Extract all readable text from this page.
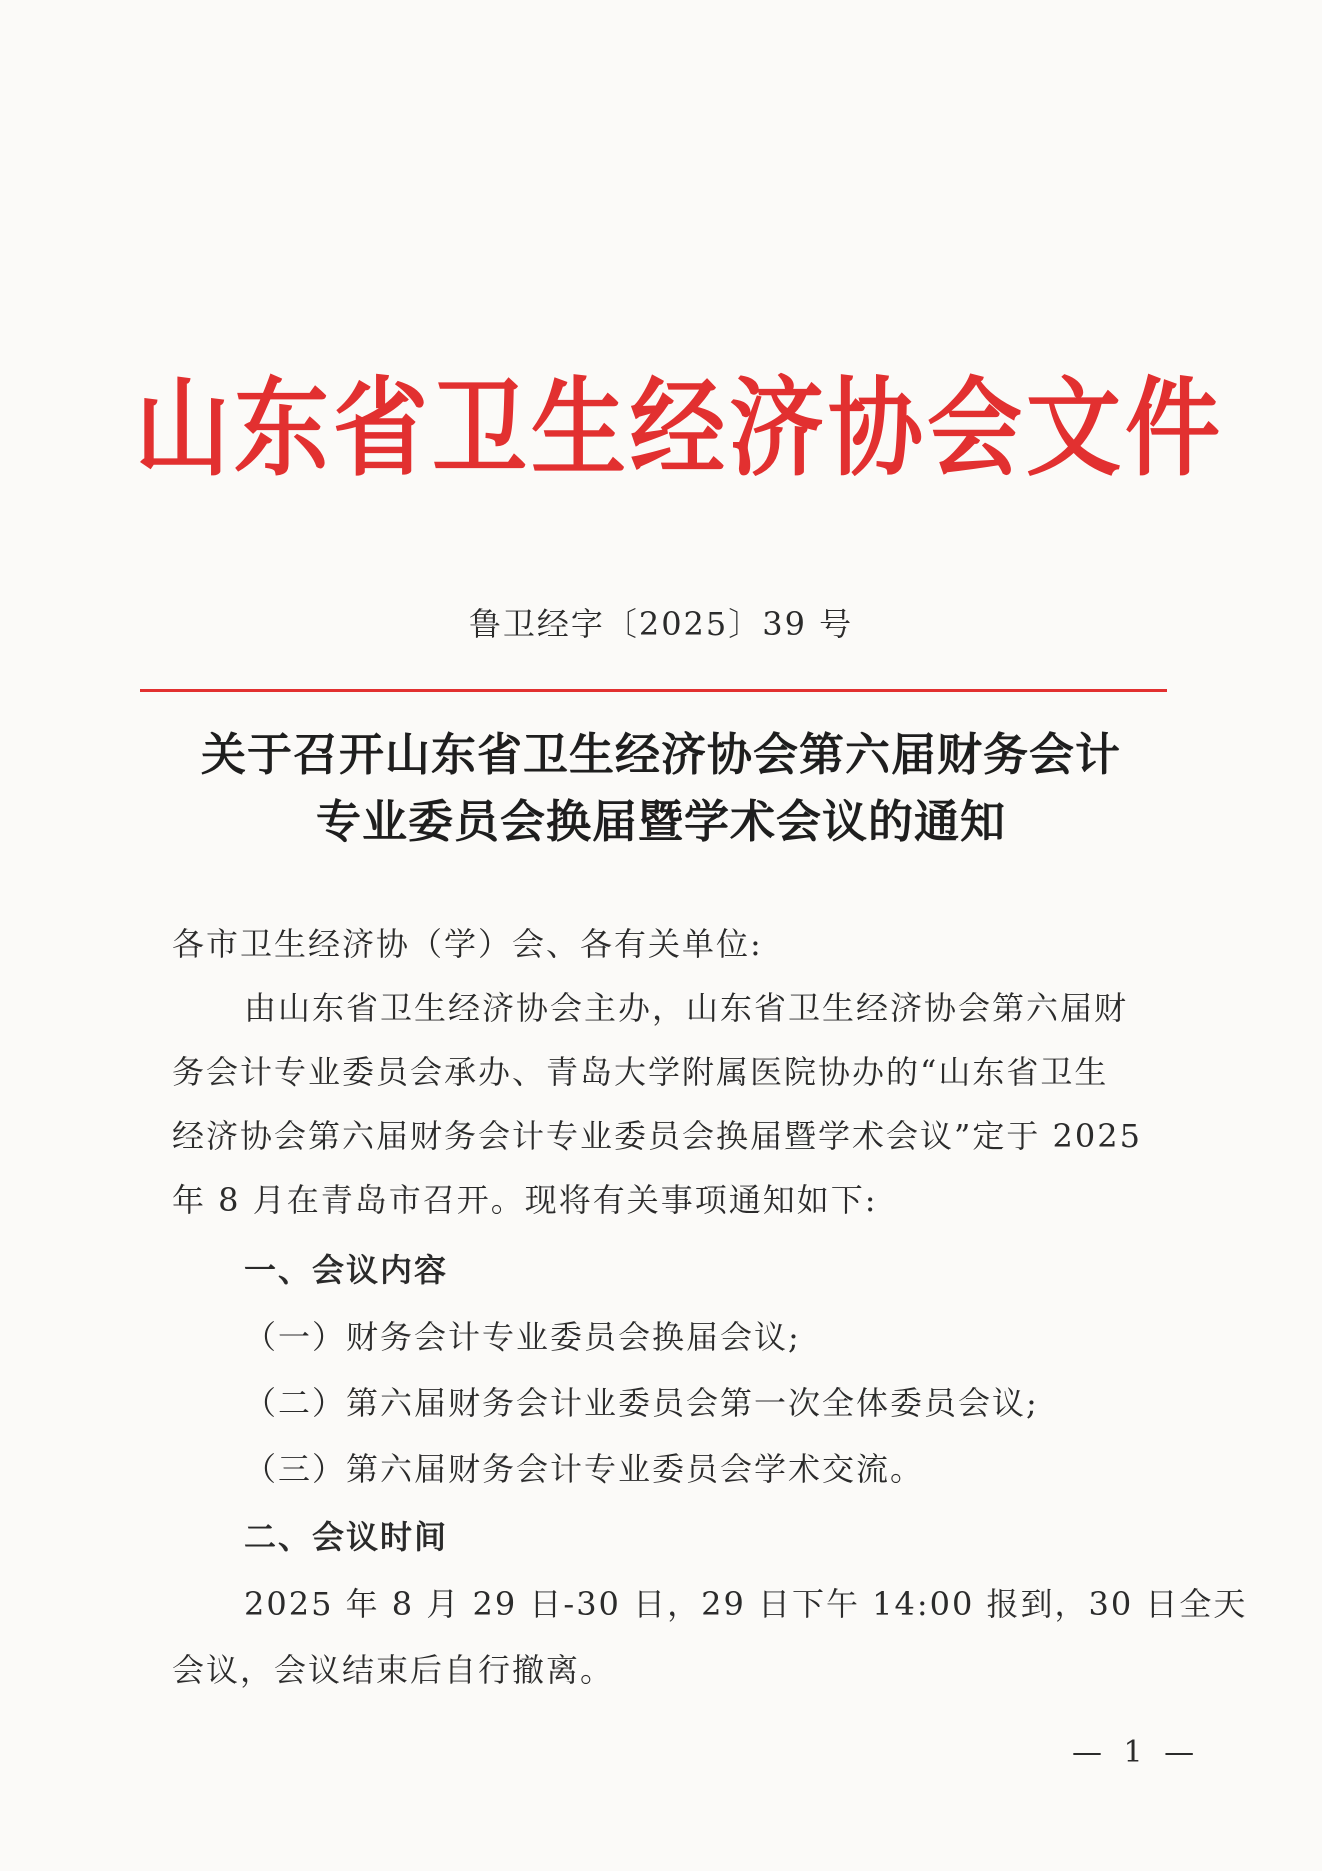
山东省卫生经济协会文件
鲁卫经字〔2025〕39 号
关于召开山东省卫生经济协会第六届财务会计
专业委员会换届暨学术会议的通知
各市卫生经济协（学）会、各有关单位:
由山东省卫生经济协会主办，山东省卫生经济协会第六届财
务会计专业委员会承办、青岛大学附属医院协办的“山东省卫生
经济协会第六届财务会计专业委员会换届暨学术会议”定于 2025
年 8 月在青岛市召开。现将有关事项通知如下:
一、会议内容
（一）财务会计专业委员会换届会议;
（二）第六届财务会计业委员会第一次全体委员会议;
（三）第六届财务会计专业委员会学术交流。
二、会议时间
2025 年 8 月 29 日-30 日，29 日下午 14:00 报到，30 日全天
会议，会议结束后自行撤离。
— 1 —
